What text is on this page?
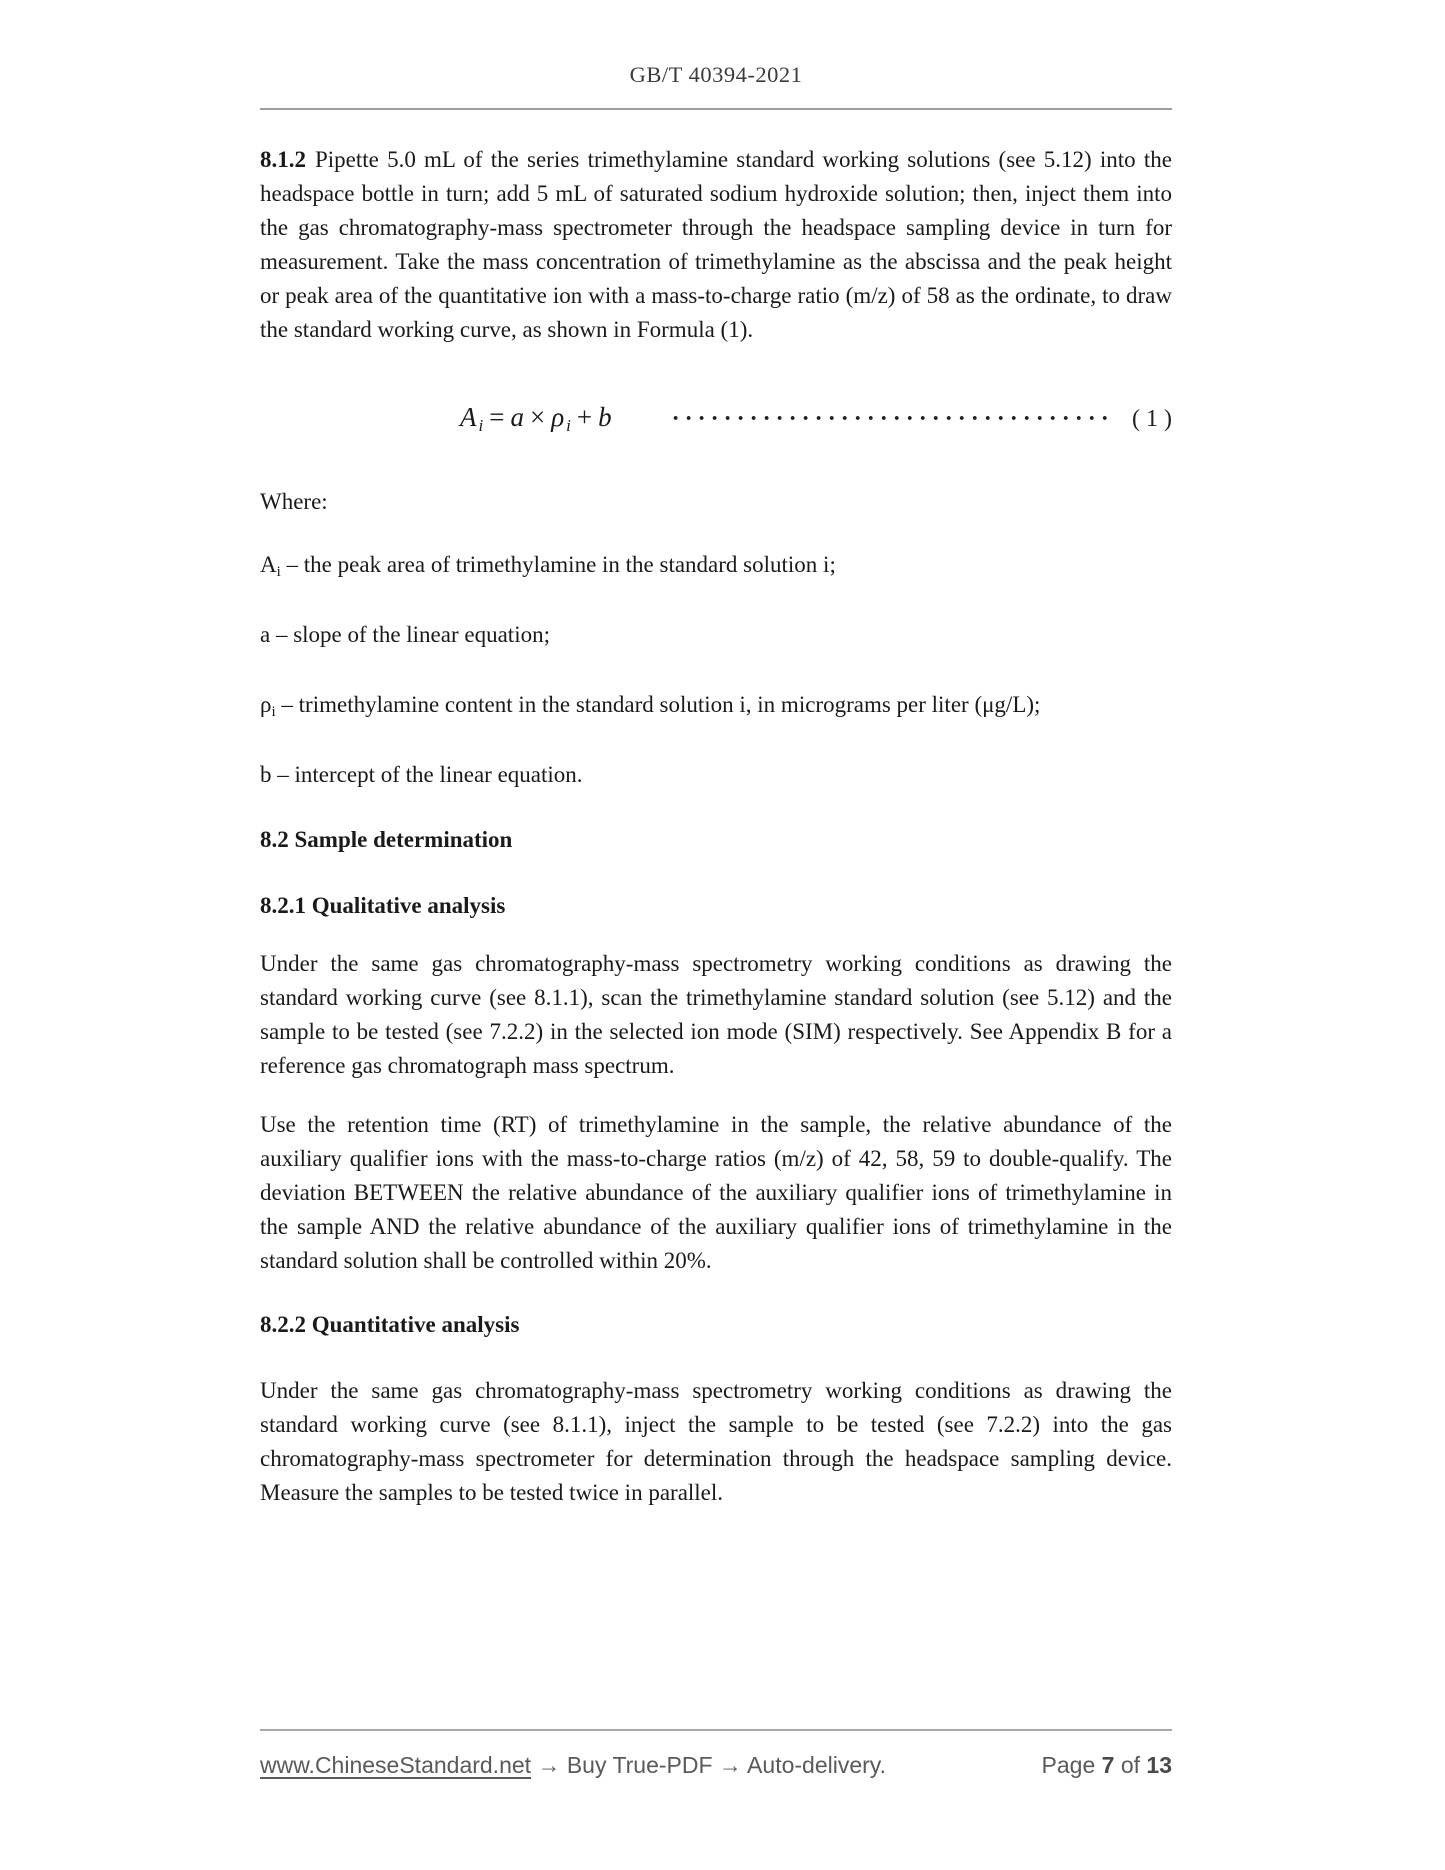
GB/T 40394-2021

8.1.2 Pipette 5.0 mL of the series trimethylamine standard working solutions (see 5.12) into the headspace bottle in turn; add 5 mL of saturated sodium hydroxide solution; then, inject them into the gas chromatography-mass spectrometer through the headspace sampling device in turn for measurement. Take the mass concentration of trimethylamine as the abscissa and the peak height or peak area of the quantitative ion with a mass-to-charge ratio (m/z) of 58 as the ordinate, to draw the standard working curve, as shown in Formula (1).

Ai = a × ρ i + b	·································· ( 1 )

Where:

Ai – the peak area of trimethylamine in the standard solution i;

a – slope of the linear equation;

ρi – trimethylamine content in the standard solution i, in micrograms per liter (μg/L);

b – intercept of the linear equation.

8.2 Sample determination

8.2.1 Qualitative analysis

Under the same gas chromatography-mass spectrometry working conditions as drawing the standard working curve (see 8.1.1), scan the trimethylamine standard solution (see 5.12) and the sample to be tested (see 7.2.2) in the selected ion mode (SIM) respectively. See Appendix B for a reference gas chromatograph mass spectrum.

Use the retention time (RT) of trimethylamine in the sample, the relative abundance of the auxiliary qualifier ions with the mass-to-charge ratios (m/z) of 42, 58, 59 to double-qualify. The deviation BETWEEN the relative abundance of the auxiliary qualifier ions of trimethylamine in the sample AND the relative abundance of the auxiliary qualifier ions of trimethylamine in the standard solution shall be controlled within 20%.

8.2.2 Quantitative analysis

Under the same gas chromatography-mass spectrometry working conditions as drawing the standard working curve (see 8.1.1), inject the sample to be tested (see 7.2.2) into the gas chromatography-mass spectrometer for determination through the headspace sampling device. Measure the samples to be tested twice in parallel.

www.ChineseStandard.net → Buy True-PDF → Auto-delivery.	Page 7 of 13
